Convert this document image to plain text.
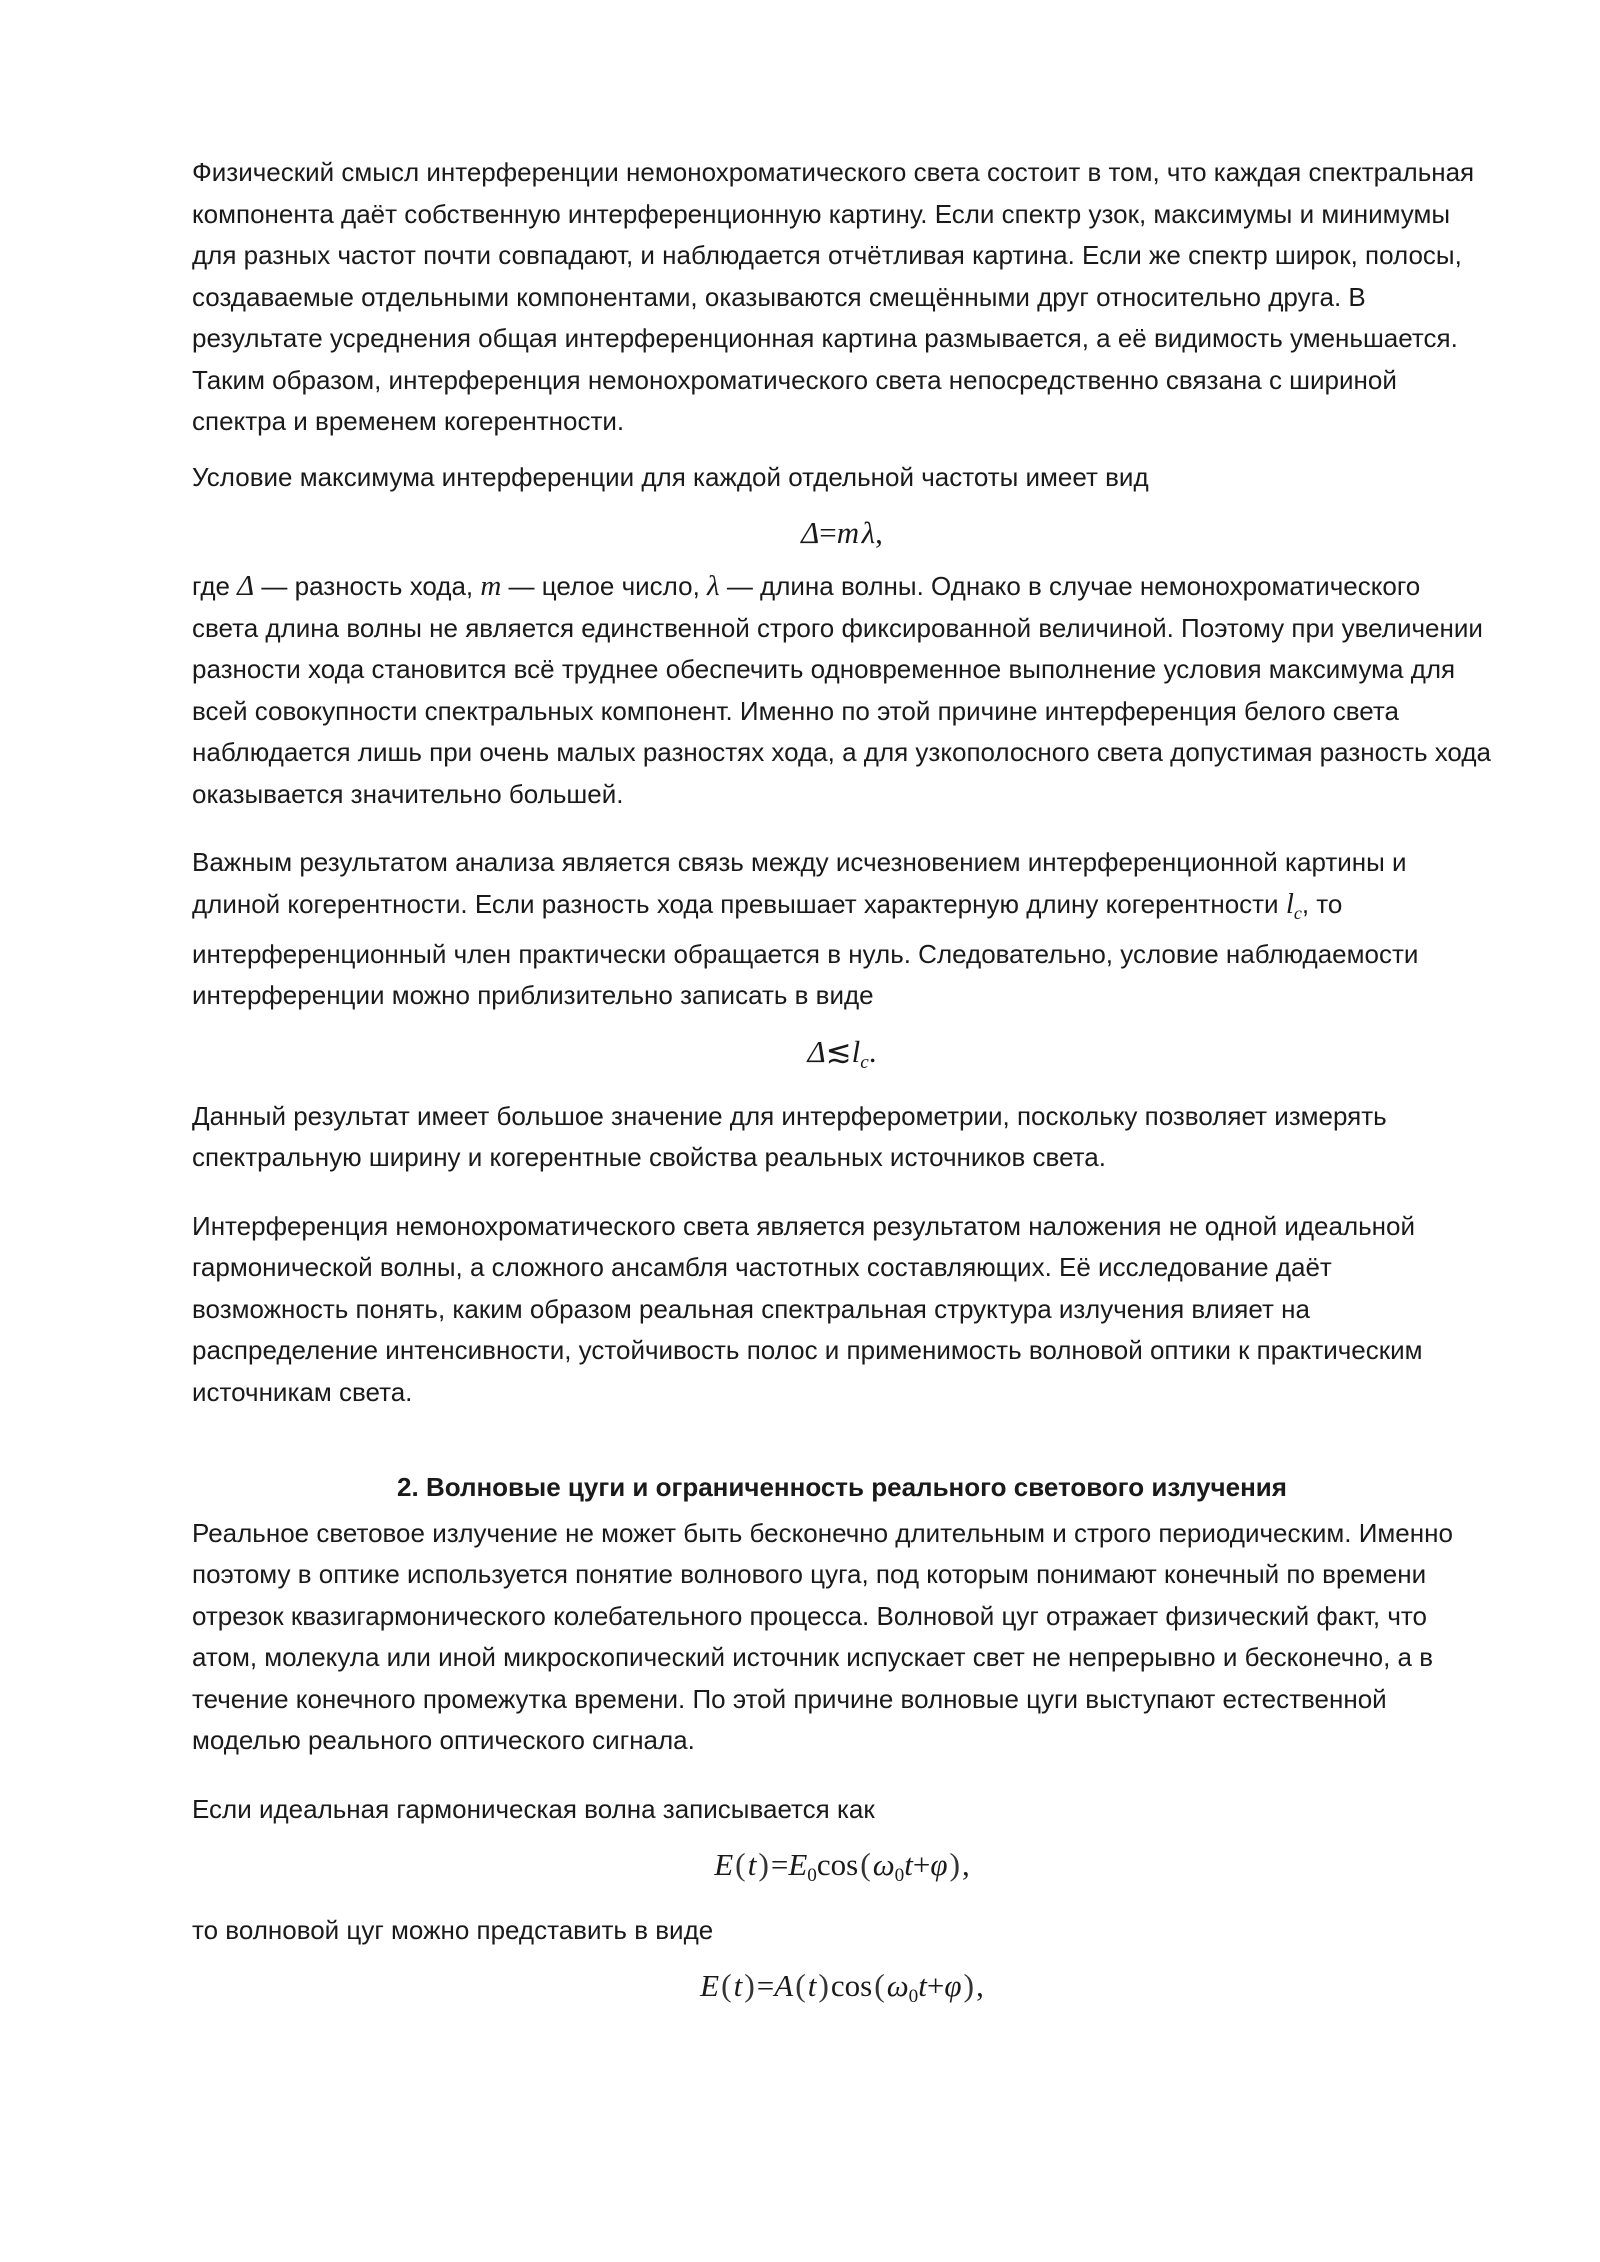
Физический смысл интерференции немонохроматического света состоит в том, что каждая спектральная компонента даёт собственную интерференционную картину. Если спектр узок, максимумы и минимумы для разных частот почти совпадают, и наблюдается отчётливая картина. Если же спектр широк, полосы, создаваемые отдельными компонентами, оказываются смещёнными друг относительно друга. В результате усреднения общая интерференционная картина размывается, а её видимость уменьшается. Таким образом, интерференция немонохроматического света непосредственно связана с шириной спектра и временем когерентности.

Условие максимума интерференции для каждой отдельной частоты имеет вид

Δ=m λ,

где Δ — разность хода, m — целое число, λ — длина волны. Однако в случае немонохроматического света длина волны не является единственной строго фиксированной величиной. Поэтому при увеличении разности хода становится всё труднее обеспечить одновременное выполнение условия максимума для всей совокупности спектральных компонент. Именно по этой причине интерференция белого света наблюдается лишь при очень малых разностях хода, а для узкополосного света допустимая разность хода оказывается значительно большей.

Важным результатом анализа является связь между исчезновением интерференционной картины и длиной когерентности. Если разность хода превышает характерную длину когерентности $l_c$, то интерференционный член практически обращается в нуль. Следовательно, условие наблюдаемости интерференции можно приблизительно записать в виде

$\Delta≲l_c$.

Данный результат имеет большое значение для интерферометрии, поскольку позволяет измерять спектральную ширину и когерентные свойства реальных источников света.

Интерференция немонохроматического света является результатом наложения не одной идеальной гармонической волны, а сложного ансамбля частотных составляющих. Её исследование даёт возможность понять, каким образом реальная спектральная структура излучения влияет на распределение интенсивности, устойчивость полос и применимость волновой оптики к практическим источникам света.

2. Волновые цуги и ограниченность реального светового излучения

Реальное световое излучение не может быть бесконечно длительным и строго периодическим. Именно поэтому в оптике используется понятие волнового цуга, под которым понимают конечный по времени отрезок квазигармонического колебательного процесса. Волновой цуг отражает физический факт, что атом, молекула или иной микроскопический источник испускает свет не непрерывно и бесконечно, а в течение конечного промежутка времени. По этой причине волновые цуги выступают естественной моделью реального оптического сигнала.

Если идеальная гармоническая волна записывается как

E(t)=E0cos(ω0t+φ),

то волновой цуг можно представить в виде

E(t)=A(t)cos(ω0t+φ),
